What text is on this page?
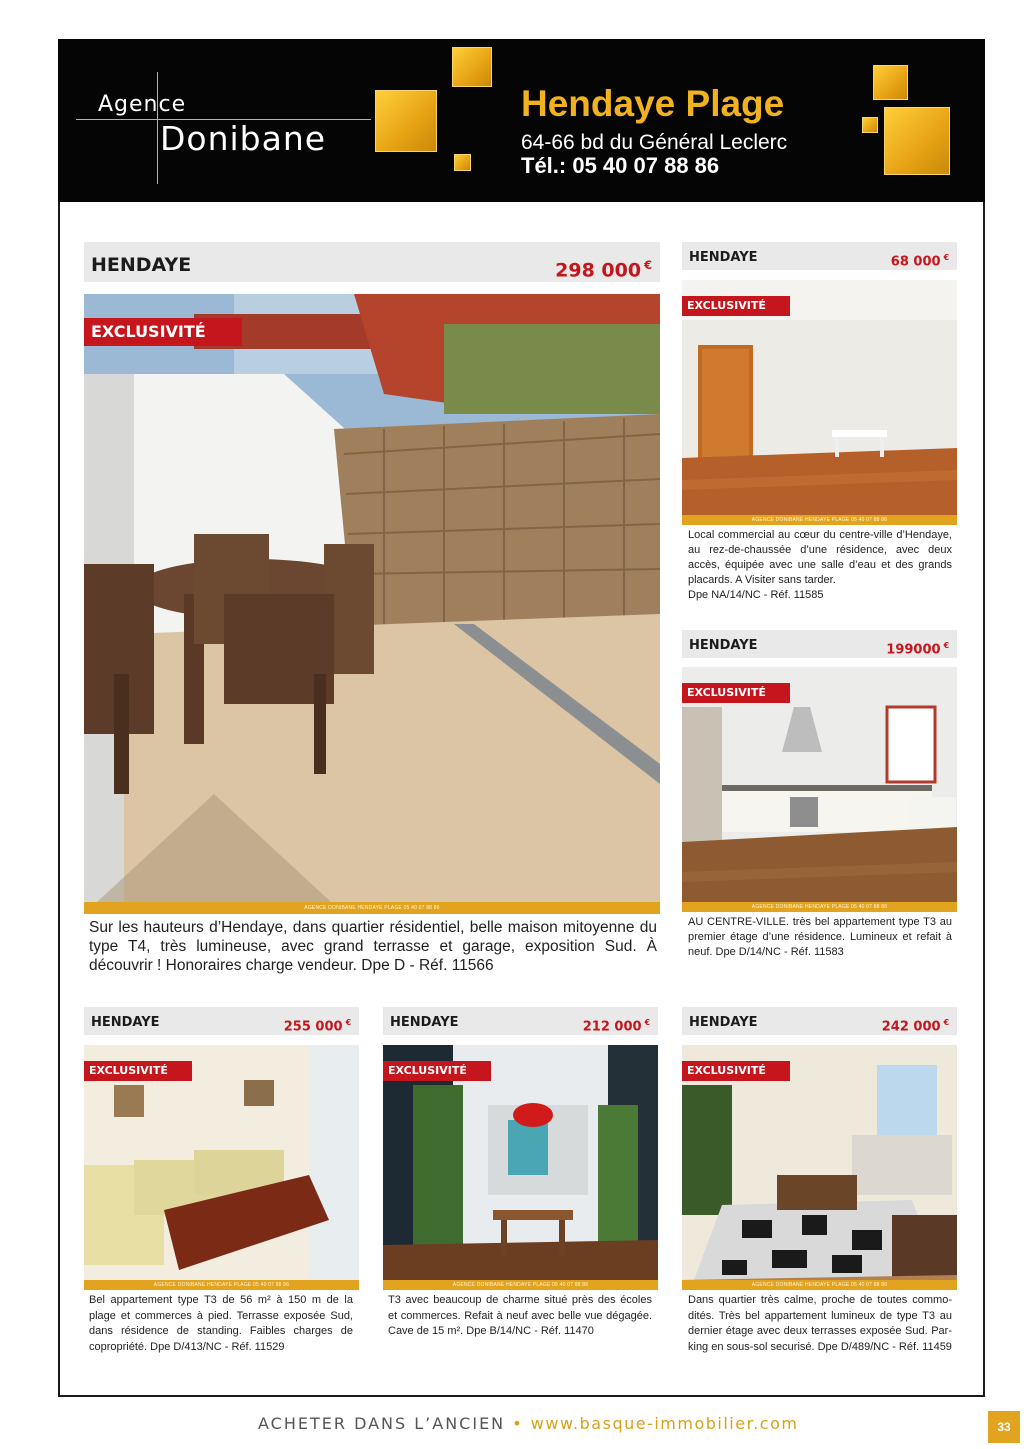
Agence
Donibane
Hendaye Plage
64-66 bd du Général Leclerc
Tél.: 05 40 07 88 86
HENDAYE	298 000 €
EXCLUSIVITÉ
AGENCE DONIBANE HENDAYE PLAGE 05 40 07 88 86
Sur les hauteurs d’Hendaye, dans quartier résidentiel, belle maison mitoyenne du type T4, très lumineuse, avec grand terrasse et garage, exposition Sud. À découvrir ! Honoraires charge vendeur. Dpe D - Réf. 11566
HENDAYE	68 000 €
EXCLUSIVITÉ
AGENCE DONIBANE HENDAYE PLAGE 05 40 07 88 86
Local commercial au cœur du centre-ville d’Hendaye, au rez-de-chaussée d’une résidence, avec deux accès, équipée avec une salle d’eau et des grands placards. A Visiter sans tarder.
Dpe NA/14/NC - Réf. 11585
HENDAYE	199000 €
EXCLUSIVITÉ
AGENCE DONIBANE HENDAYE PLAGE 05 40 07 88 86
AU CENTRE-VILLE. très bel appartement type T3 au premier étage d’une résidence. Lumineux et refait à neuf. Dpe D/14/NC - Réf. 11583
HENDAYE	255 000 €
EXCLUSIVITÉ
AGENCE DONIBANE HENDAYE PLAGE 05 40 07 88 86
Bel appartement type T3 de 56 m² à 150 m de la plage et commerces à pied. Terrasse exposée Sud, dans résidence de standing. Faibles charges de copropriété. Dpe D/413/NC - Réf. 11529
HENDAYE	212 000 €
EXCLUSIVITÉ
AGENCE DONIBANE HENDAYE PLAGE 05 40 07 88 86
T3 avec beaucoup de charme situé près des écoles et commerces. Refait à neuf avec belle vue dégagée. Cave de 15 m². Dpe B/14/NC - Réf. 11470
HENDAYE	242 000 €
EXCLUSIVITÉ
AGENCE DONIBANE HENDAYE PLAGE 05 40 07 88 86
Dans quartier très calme, proche de toutes commodités. Très bel appartement lumineux de type T3 au dernier étage avec deux terrasses exposée Sud. Parking en sous-sol securisé. Dpe D/489/NC - Réf. 11459
ACHETER DANS L’ANCIEN • www.basque-immobilier.com	33
